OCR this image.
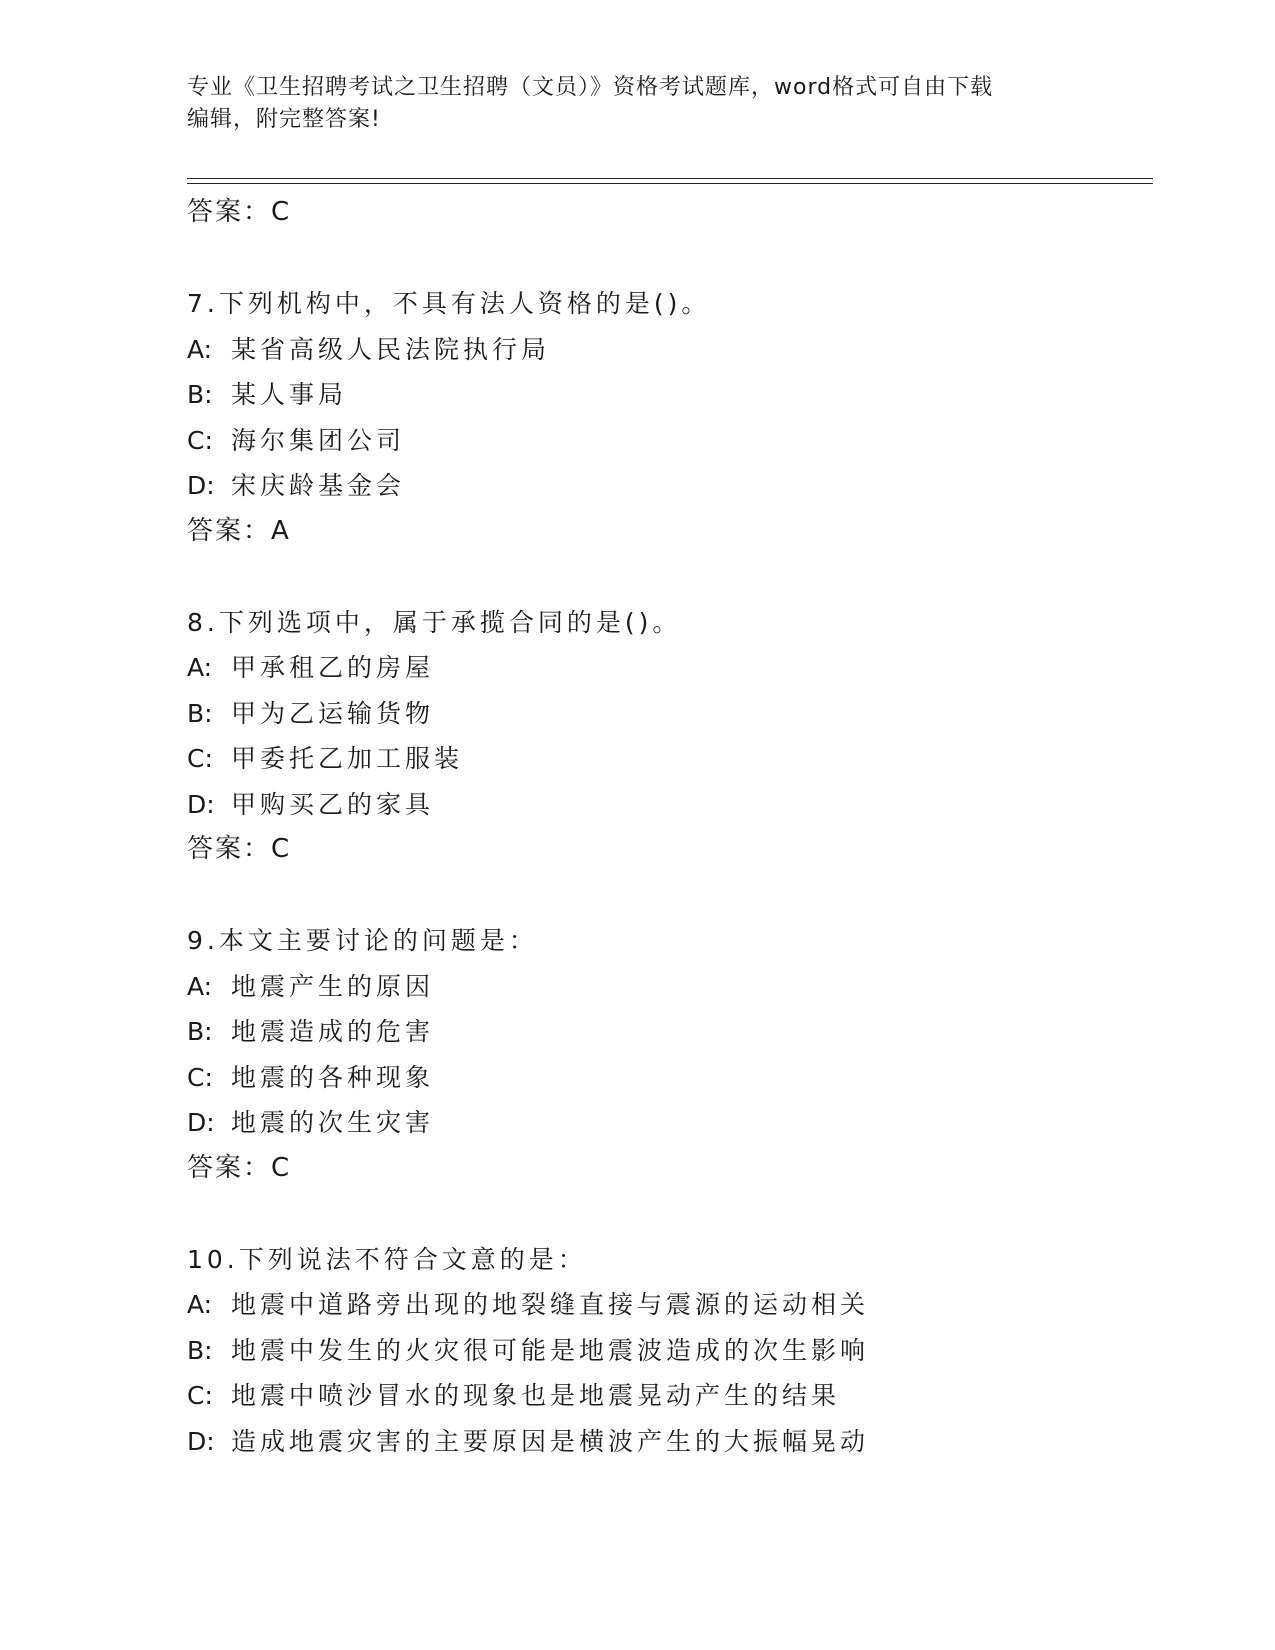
专业《卫生招聘考试之卫生招聘（文员）》资格考试题库，word格式可自由下载
编辑，附完整答案!
答案：C
7.下列机构中，不具有法人资格的是()。
A: 某省高级人民法院执行局
B: 某人事局
C: 海尔集团公司
D: 宋庆龄基金会
答案：A
8.下列选项中，属于承揽合同的是()。
A: 甲承租乙的房屋
B: 甲为乙运输货物
C: 甲委托乙加工服装
D: 甲购买乙的家具
答案：C
9.本文主要讨论的问题是：
A: 地震产生的原因
B: 地震造成的危害
C: 地震的各种现象
D: 地震的次生灾害
答案：C
10.下列说法不符合文意的是：
A: 地震中道路旁出现的地裂缝直接与震源的运动相关
B: 地震中发生的火灾很可能是地震波造成的次生影响
C: 地震中喷沙冒水的现象也是地震晃动产生的结果
D: 造成地震灾害的主要原因是横波产生的大振幅晃动
